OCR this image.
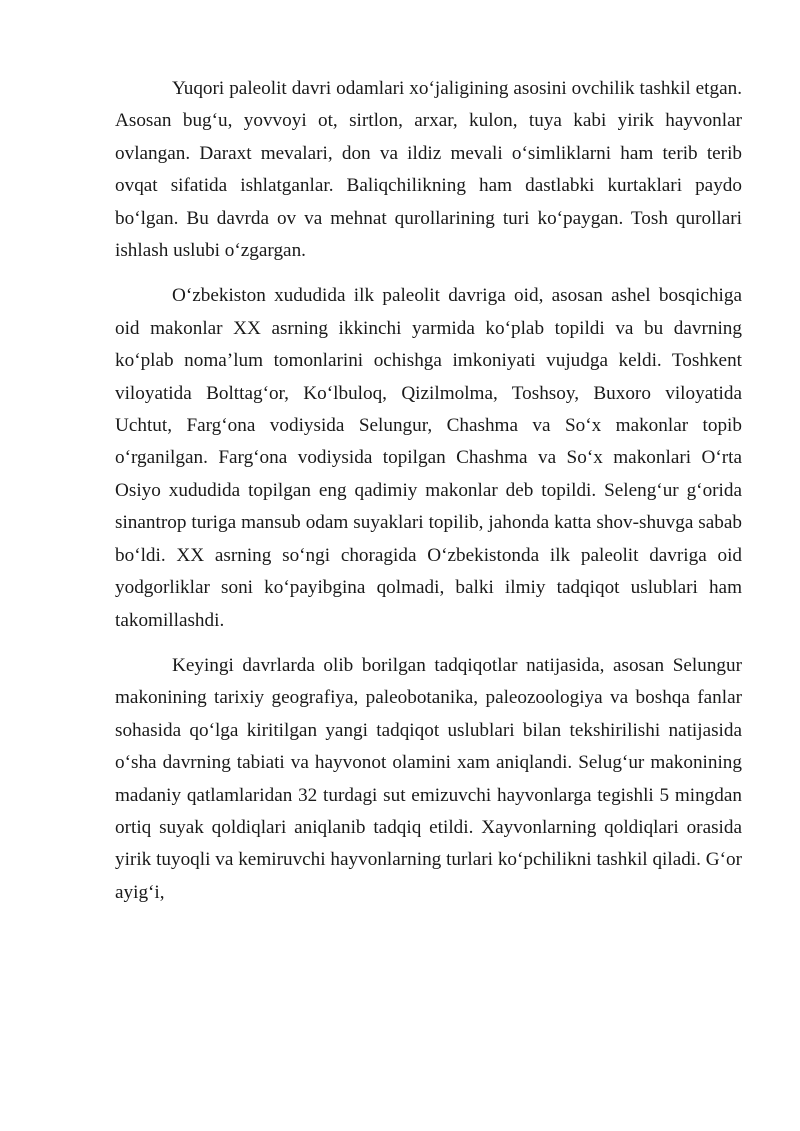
Yuqori paleolit davri odamlari xo‘jaligining asosini ovchilik tashkil etgan. Asosan bug‘u, yovvoyi ot, sirtlon, arxar, kulon, tuya kabi yirik hayvonlar ovlangan. Daraxt mevalari, don va ildiz mevali o‘simliklarni ham terib terib ovqat sifatida ishlatganlar. Baliqchilikning ham dastlabki kurtaklari paydo bo‘lgan. Bu davrda ov va mehnat qurollarining turi ko‘paygan. Tosh qurollari ishlash uslubi o‘zgargan.

O‘zbekiston xududida ilk paleolit davriga oid, asosan ashel bosqichiga oid makonlar XX asrning ikkinchi yarmida ko‘plab topildi va bu davrning ko‘plab noma’lum tomonlarini ochishga imkoniyati vujudga keldi. Toshkent viloyatida Bolttag‘or, Ko‘lbuloq, Qizilmolma, Toshsoy, Buxoro viloyatida Uchtut, Farg‘ona vodiysida Selungur, Chashma va So‘x makonlar topib o‘rganilgan. Farg‘ona vodiysida topilgan Chashma va So‘x makonlari O‘rta Osiyo xududida topilgan eng qadimiy makonlar deb topildi. Seleng‘ur g‘orida sinantrop turiga mansub odam suyaklari topilib, jahonda katta shov-shuvga sabab bo‘ldi. XX asrning so‘ngi choragida O‘zbekistonda ilk paleolit davriga oid yodgorliklar soni ko‘payibgina qolmadi, balki ilmiy tadqiqot uslublari ham takomillashdi.

Keyingi davrlarda olib borilgan tadqiqotlar natijasida, asosan Selungur makonining tarixiy geografiya, paleobotanika, paleozoologiya va boshqa fanlar sohasida qo‘lga kiritilgan yangi tadqiqot uslublari bilan tekshirilishi natijasida o‘sha davrning tabiati va hayvonot olamini xam aniqlandi. Selug‘ur makonining madaniy qatlamlaridan 32 turdagi sut emizuvchi hayvonlarga tegishli 5 mingdan ortiq suyak qoldiqlari aniqlanib tadqiq etildi. Xayvonlarning qoldiqlari orasida yirik tuyoqli va kemiruvchi hayvonlarning turlari ko‘pchilikni tashkil qiladi. G‘or ayig‘i,
